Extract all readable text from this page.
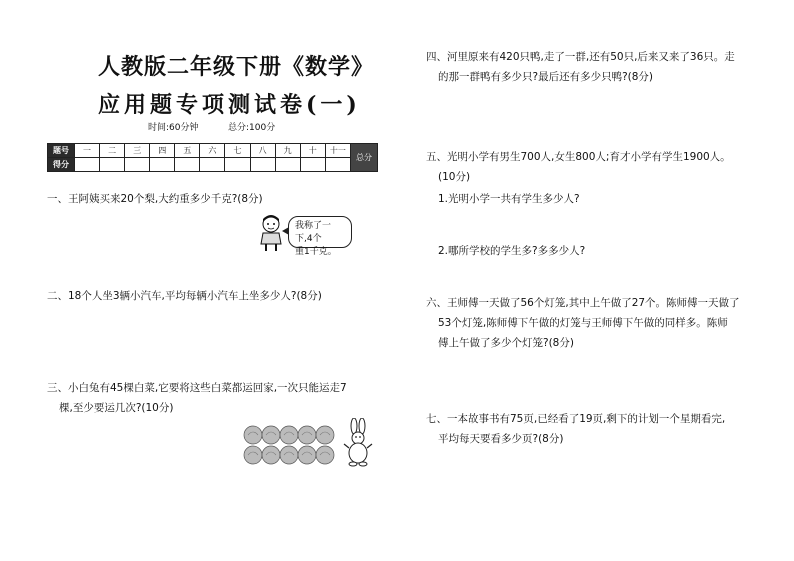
人教版二年级下册《数学》
应用题专项测试卷(一)
时间:60分钟	总分:100分
题号	一	二	三	四	五	六	七	八	九	十	十一	总分
得分												
一、王阿姨买来20个梨,大约重多少千克?(8分)
我称了一下,4个
重1千克。
二、18个人坐3辆小汽车,平均每辆小汽车上坐多少人?(8分)
三、小白兔有45棵白菜,它要将这些白菜都运回家,一次只能运走7
棵,至少要运几次?(10分)
四、河里原来有420只鸭,走了一群,还有50只,后来又来了36只。走
的那一群鸭有多少只?最后还有多少只鸭?(8分)
五、光明小学有男生700人,女生800人;育才小学有学生1900人。
(10分)
1.光明小学一共有学生多少人?
2.哪所学校的学生多?多多少人?
六、王师傅一天做了56个灯笼,其中上午做了27个。陈师傅一天做了
53个灯笼,陈师傅下午做的灯笼与王师傅下午做的同样多。陈师
傅上午做了多少个灯笼?(8分)
七、一本故事书有75页,已经看了19页,剩下的计划一个星期看完,
平均每天要看多少页?(8分)
